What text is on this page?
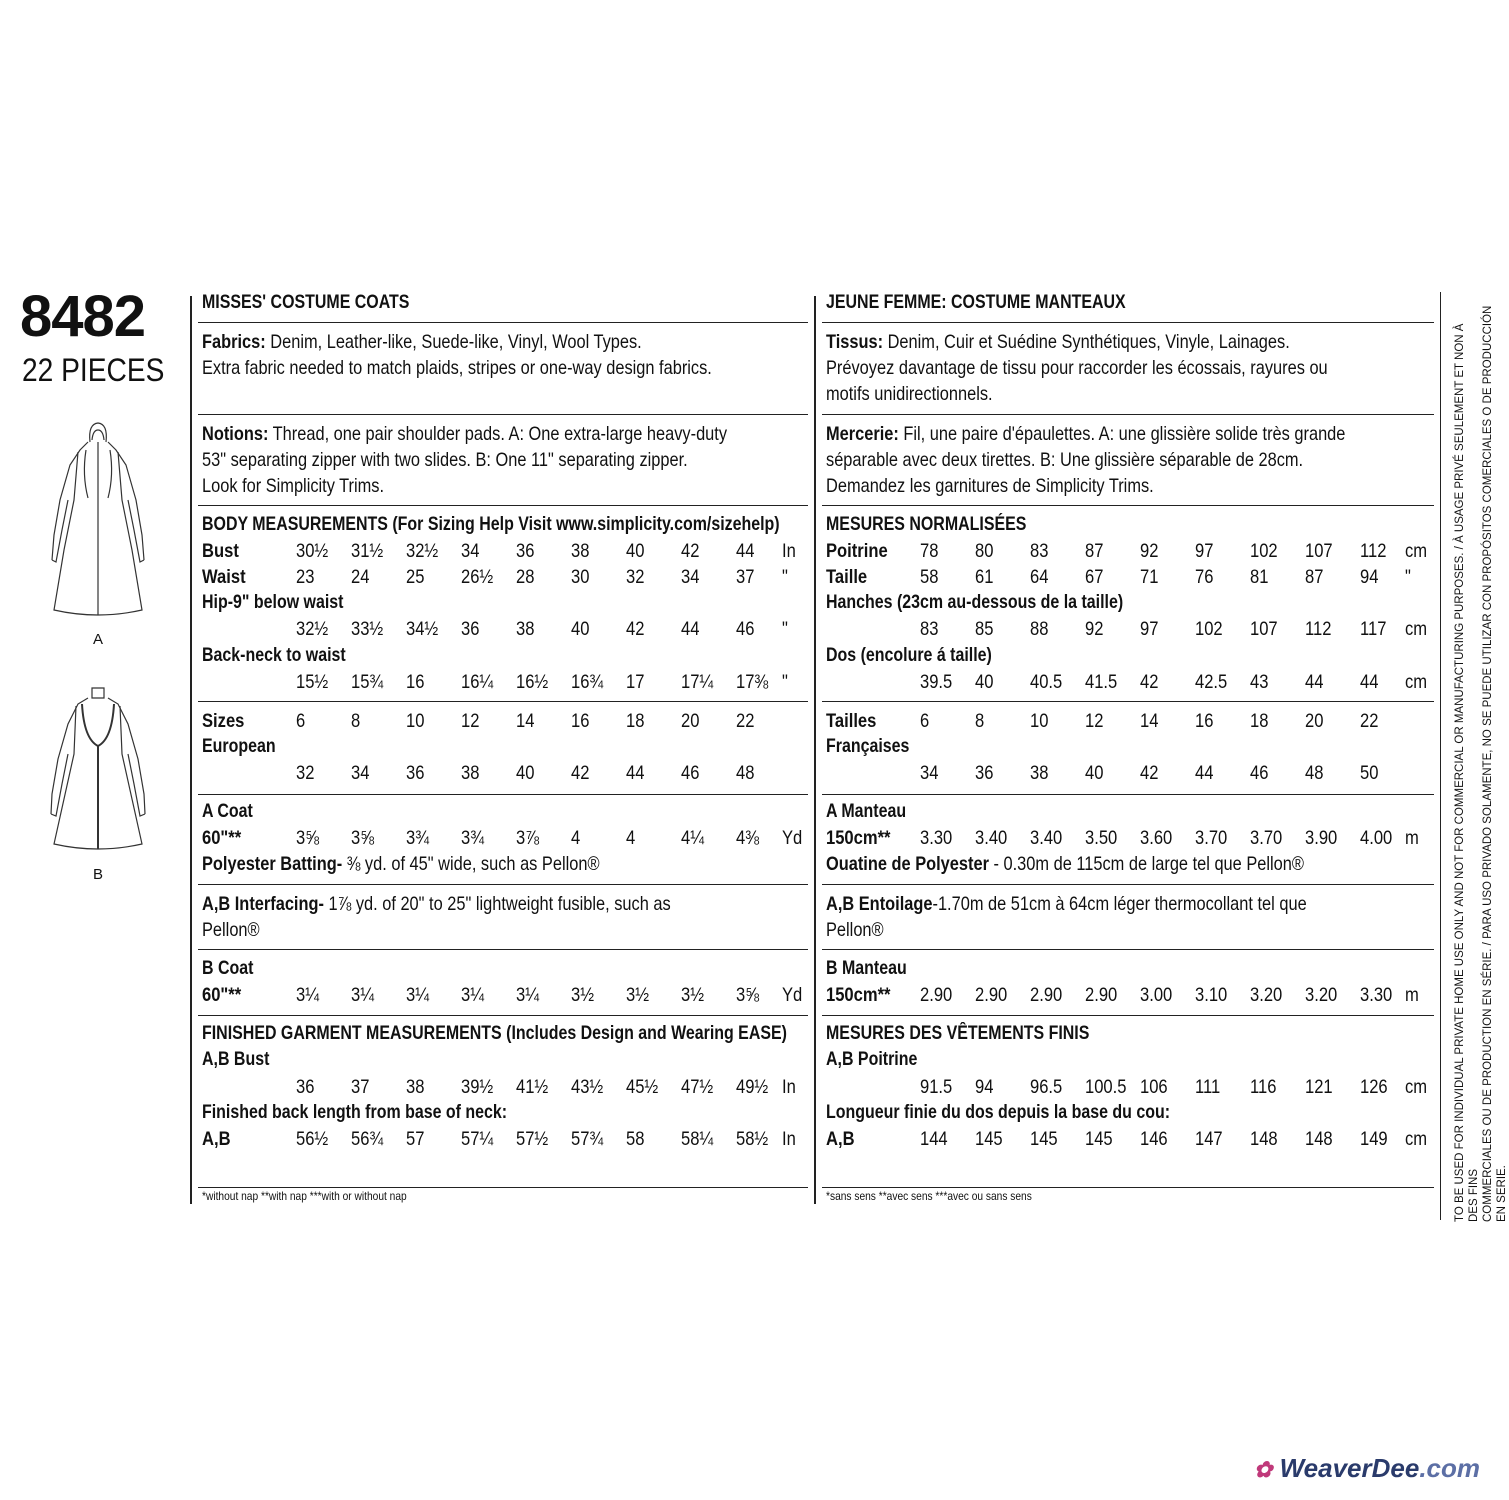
8482
22 PIECES
A
B
MISSES' COSTUME COATS
Fabrics: Denim, Leather-like, Suede-like, Vinyl, Wool Types.
Extra fabric needed to match plaids, stripes or one-way design fabrics.
Notions: Thread, one pair shoulder pads. A: One extra-large heavy-duty
53" separating zipper with two slides. B: One 11" separating zipper.
Look for Simplicity Trims.
BODY MEASUREMENTS (For Sizing Help Visit www.simplicity.com/sizehelp)
Bust	30½ 31½ 32½ 34 36 38 40 42 44 In
Waist	23 24 25 26½ 28 30 32 34 37 "
Hip-9" below waist
32½ 33½ 34½ 36 38 40 42 44 46 "
Back-neck to waist
15½ 15¾ 16 16¼ 16½ 16¾ 17 17¼ 17⅜ "
Sizes	6 8 10 12 14 16 18 20 22
European
32 34 36 38 40 42 44 46 48
A Coat
60"**	3⅝ 3⅝ 3¾ 3¾ 3⅞ 4 4 4¼ 4⅜ Yd
Polyester Batting- ⅜ yd. of 45" wide, such as Pellon®
A,B Interfacing- 1⅞ yd. of 20" to 25" lightweight fusible, such as
Pellon®
B Coat
60"**	3¼ 3¼ 3¼ 3¼ 3¼ 3½ 3½ 3½ 3⅝ Yd
FINISHED GARMENT MEASUREMENTS (Includes Design and Wearing EASE)
A,B Bust
36 37 38 39½ 41½ 43½ 45½ 47½ 49½ In
Finished back length from base of neck:
A,B	56½ 56¾ 57 57¼ 57½ 57¾ 58 58¼ 58½ In
*without nap **with nap ***with or without nap
JEUNE FEMME: COSTUME MANTEAUX
Tissus: Denim, Cuir et Suédine Synthétiques, Vinyle, Lainages.
Prévoyez davantage de tissu pour raccorder les écossais, rayures ou
motifs unidirectionnels.
Mercerie: Fil, une paire d'épaulettes. A: une glissière solide très grande
séparable avec deux tirettes. B: Une glissière séparable de 28cm.
Demandez les garnitures de Simplicity Trims.
MESURES NORMALISÉES
Poitrine 78 80 83 87 92 97 102 107 112 cm
Taille	58 61 64 67 71 76 81 87 94 "
Hanches (23cm au-dessous de la taille)
83 85 88 92 97 102 107 112 117 cm
Dos (encolure á taille)
39.5 40 40.5 41.5 42 42.5 43 44 44 cm
Tailles 6 8 10 12 14 16 18 20 22
Françaises
34 36 38 40 42 44 46 48 50
A Manteau
150cm** 3.30 3.40 3.40 3.50 3.60 3.70 3.70 3.90 4.00 m
Ouatine de Polyester - 0.30m de 115cm de large tel que Pellon®
A,B Entoilage-1.70m de 51cm à 64cm léger thermocollant tel que
Pellon®
B Manteau
150cm** 2.90 2.90 2.90 2.90 3.00 3.10 3.20 3.20 3.30 m
MESURES DES VÊTEMENTS FINIS
A,B Poitrine
91.5 94 96.5 100.5 106 111 116 121 126 cm
Longueur finie du dos depuis la base du cou:
A,B	144 145 145 145 146 147 148 148 149 cm
*sans sens **avec sens ***avec ou sans sens	TO BE USED FOR INDIVIDUAL PRIVATE HOME USE ONLY AND NOT FOR COMMERCIAL OR MANUFACTURING PURPOSES. / À USAGE PRIVÉ SEULEMENT ET NON À DES FINS COMMERCIALES OU DE PRODUCTION EN SÉRIE. / PARA USO PRIVADO SOLAMENTE, NO SE PUEDE UTILIZAR CON PROPÓSITOS COMERCIALES O DE PRODUCCIÓN EN SERIE.
✿ WeaverDee.com
